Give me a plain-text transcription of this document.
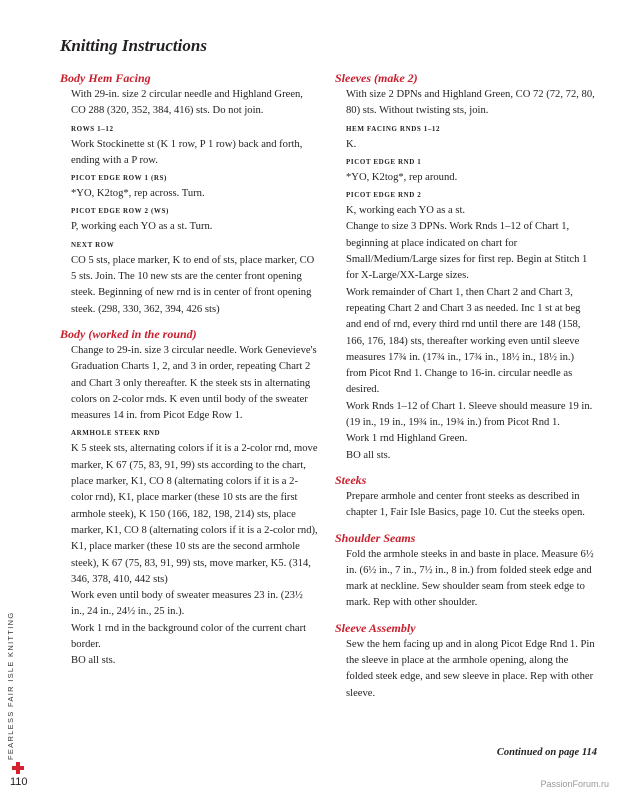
Knitting Instructions
Body Hem Facing

With 29-in. size 2 circular needle and Highland Green, CO 288 (320, 352, 384, 416) sts. Do not join.

ROWS 1–12

Work Stockinette st (K 1 row, P 1 row) back and forth, ending with a P row.

PICOT EDGE ROW 1 (RS)

*YO, K2tog*, rep across. Turn.

PICOT EDGE ROW 2 (WS)

P, working each YO as a st. Turn.

NEXT ROW

CO 5 sts, place marker, K to end of sts, place marker, CO 5 sts. Join. The 10 new sts are the center front opening steek. Beginning of new rnd is in center of front opening steek. (298, 330, 362, 394, 426 sts)

Body (worked in the round)

Change to 29-in. size 3 circular needle. Work Genevieve's Graduation Charts 1, 2, and 3 in order, repeating Chart 2 and Chart 3 only thereafter. K the steek sts in alternating colors on 2-color rnds. K even until body of the sweater measures 14 in. from Picot Edge Row 1.

ARMHOLE STEEK RND

K 5 steek sts, alternating colors if it is a 2-color rnd, move marker, K 67 (75, 83, 91, 99) sts according to the chart, place marker, K1, CO 8 (alternating colors if it is a 2-color rnd), K1, place marker (these 10 sts are the first armhole steek), K 150 (166, 182, 198, 214) sts, place marker, K1, CO 8 (alternating colors if it is a 2-color rnd), K1, place marker (these 10 sts are the second armhole steek), K 67 (75, 83, 91, 99) sts, move marker, K5. (314, 346, 378, 410, 442 sts)

Work even until body of sweater measures 23 in. (23½ in., 24 in., 24½ in., 25 in.).

Work 1 rnd in the background color of the current chart border.

BO all sts.

Sleeves (make 2)

With size 2 DPNs and Highland Green, CO 72 (72, 72, 80, 80) sts. Without twisting sts, join.

HEM FACING RNDS 1–12

K.

PICOT EDGE RND 1

*YO, K2tog*, rep around.

PICOT EDGE RND 2

K, working each YO as a st.

Change to size 3 DPNs. Work Rnds 1–12 of Chart 1, beginning at place indicated on chart for Small/Medium/Large sizes for first rep. Begin at Stitch 1 for X-Large/XX-Large sizes.

Work remainder of Chart 1, then Chart 2 and Chart 3, repeating Chart 2 and Chart 3 as needed. Inc 1 st at beg and end of rnd, every third rnd until there are 148 (158, 166, 176, 184) sts, thereafter working even until sleeve measures 17¾ in. (17¾ in., 17¾ in., 18½ in., 18½ in.) from Picot Rnd 1. Change to 16-in. circular needle as desired.

Work Rnds 1–12 of Chart 1. Sleeve should measure 19 in. (19 in., 19 in., 19¾ in., 19¾ in.) from Picot Rnd 1.

Work 1 rnd Highland Green.

BO all sts.

Steeks

Prepare armhole and center front steeks as described in chapter 1, Fair Isle Basics, page 10. Cut the steeks open.

Shoulder Seams

Fold the armhole steeks in and baste in place. Measure 6½ in. (6½ in., 7 in., 7½ in., 8 in.) from folded steek edge and mark at neckline. Sew shoulder seam from steek edge to mark. Rep with other shoulder.

Sleeve Assembly

Sew the hem facing up and in along Picot Edge Rnd 1. Pin the sleeve in place at the armhole opening, along the folded steek edge, and sew sleeve in place. Rep with other sleeve.

Continued on page 114
FEARLESS FAIR ISLE KNITTING
110	PassionForum.ru
